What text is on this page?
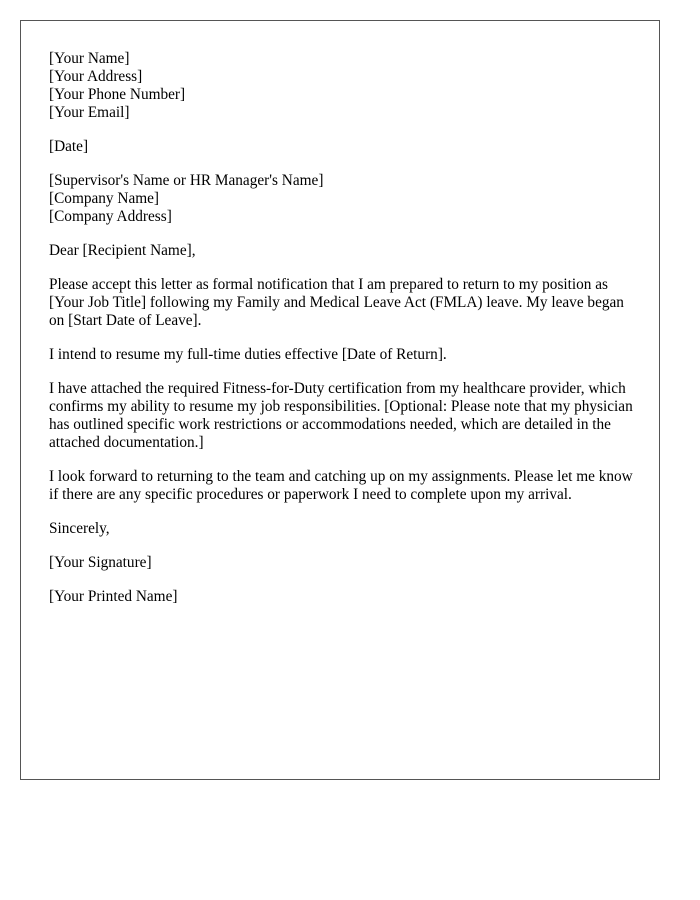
[Your Name]
[Your Address]
[Your Phone Number]
[Your Email]
[Date]
[Supervisor's Name or HR Manager's Name]
[Company Name]
[Company Address]

Dear [Recipient Name],

Please accept this letter as formal notification that I am prepared to return to my position as [Your Job Title] following my Family and Medical Leave Act (FMLA) leave. My leave began on [Start Date of Leave].

I intend to resume my full-time duties effective [Date of Return].

I have attached the required Fitness-for-Duty certification from my healthcare provider, which confirms my ability to resume my job responsibilities. [Optional: Please note that my physician has outlined specific work restrictions or accommodations needed, which are detailed in the attached documentation.]

I look forward to returning to the team and catching up on my assignments. Please let me know if there are any specific procedures or paperwork I need to complete upon my arrival.

Sincerely,

[Your Signature]

[Your Printed Name]
